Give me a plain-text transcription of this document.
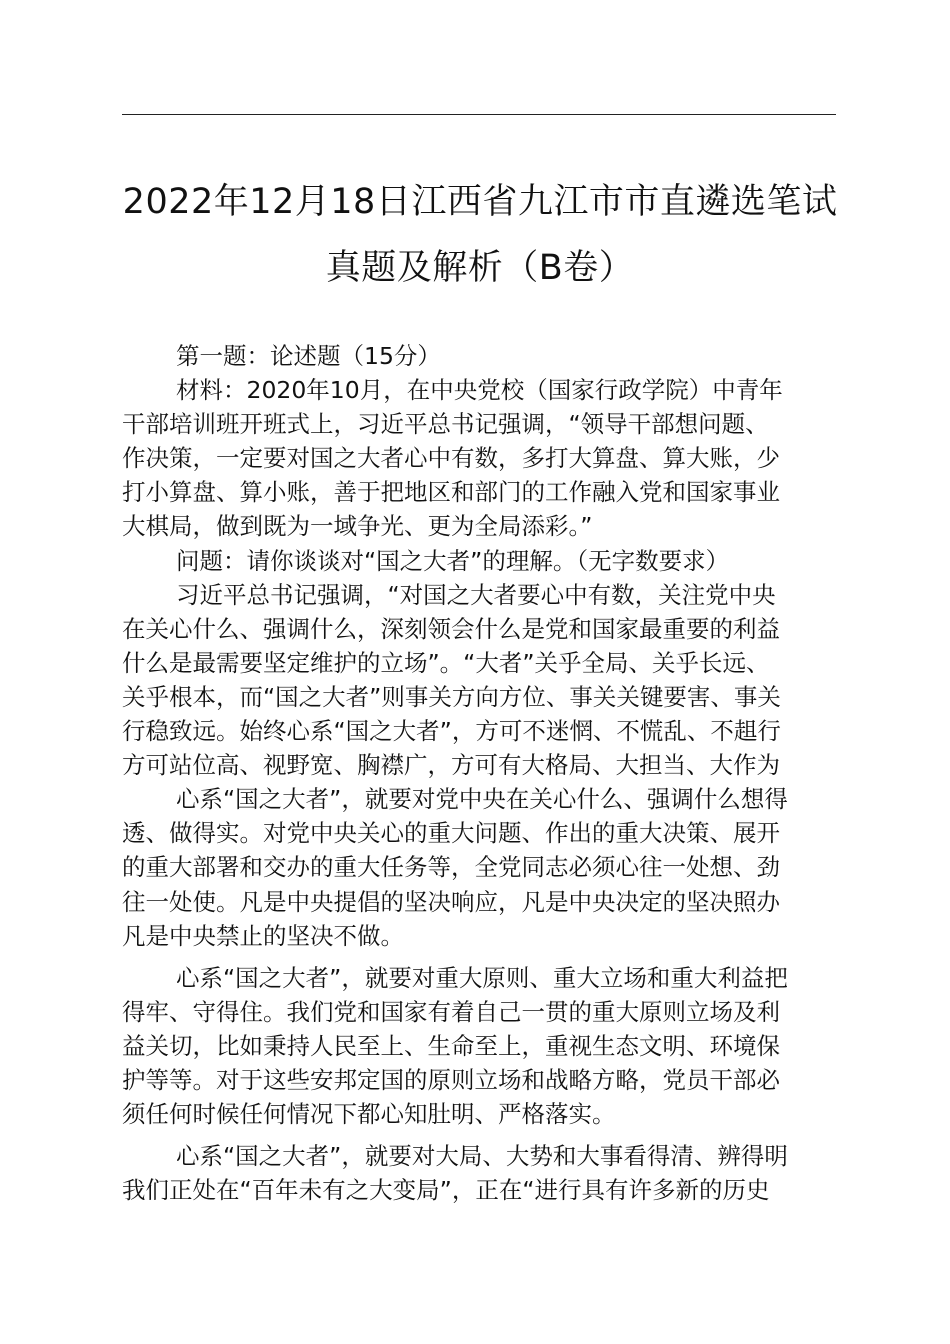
2022年12月18日江西省九江市市直遴选笔试
真题及解析（B卷）
第一题：论述题（15分）
材料：2020年10月，在中央党校（国家行政学院）中青年
干部培训班开班式上，习近平总书记强调，“领导干部想问题、
作决策，一定要对国之大者心中有数，多打大算盘、算大账，少
打小算盘、算小账，善于把地区和部门的工作融入党和国家事业
大棋局，做到既为一域争光、更为全局添彩。”
问题：请你谈谈对“国之大者”的理解。（无字数要求）
习近平总书记强调，“对国之大者要心中有数，关注党中央
在关心什么、强调什么，深刻领会什么是党和国家最重要的利益
什么是最需要坚定维护的立场”。“大者”关乎全局、关乎长远、
关乎根本，而“国之大者”则事关方向方位、事关关键要害、事关
行稳致远。始终心系“国之大者”，方可不迷惘、不慌乱、不趄行
方可站位高、视野宽、胸襟广，方可有大格局、大担当、大作为
心系“国之大者”，就要对党中央在关心什么、强调什么想得
透、做得实。对党中央关心的重大问题、作出的重大决策、展开
的重大部署和交办的重大任务等，全党同志必须心往一处想、劲
往一处使。凡是中央提倡的坚决响应，凡是中央决定的坚决照办
凡是中央禁止的坚决不做。
心系“国之大者”，就要对重大原则、重大立场和重大利益把
得牢、守得住。我们党和国家有着自己一贯的重大原则立场及利
益关切，比如秉持人民至上、生命至上，重视生态文明、环境保
护等等。对于这些安邦定国的原则立场和战略方略，党员干部必
须任何时候任何情况下都心知肚明、严格落实。
心系“国之大者”，就要对大局、大势和大事看得清、辨得明
我们正处在“百年未有之大变局”，正在“进行具有许多新的历史
